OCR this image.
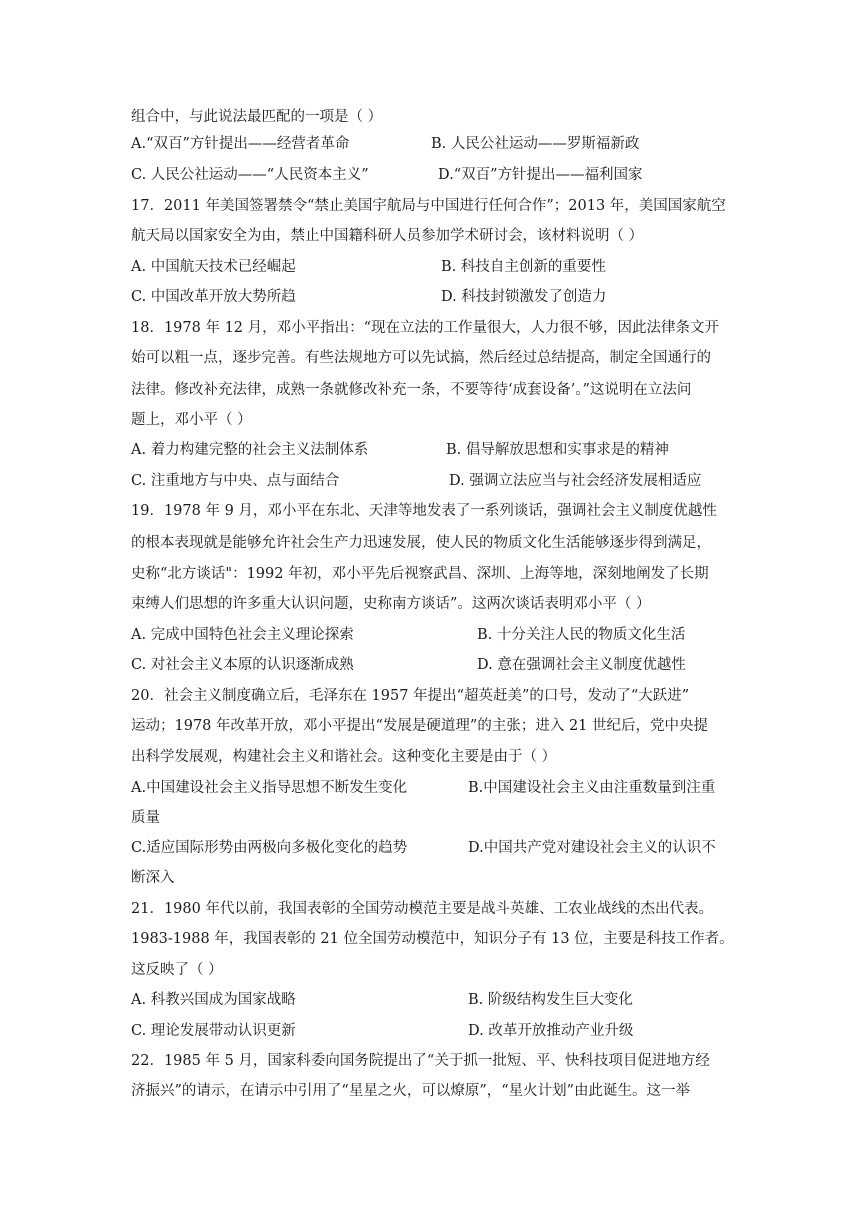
组合中，与此说法最匹配的一项是（ ）
A.“双百”方针提出——经营者革命	B. 人民公社运动——罗斯福新政
C. 人民公社运动——“人民资本主义”	D.“双百”方针提出——福利国家
17．2011 年美国签署禁令“禁止美国宇航局与中国进行任何合作”；2013 年，美国国家航空
航天局以国家安全为由，禁止中国籍科研人员参加学术研讨会，该材料说明（ ）
A. 中国航天技术已经崛起	B. 科技自主创新的重要性
C. 中国改革开放大势所趋	D. 科技封锁激发了创造力
18．1978 年 12 月，邓小平指出：“现在立法的工作量很大，人力很不够，因此法律条文开
始可以粗一点，逐步完善。有些法规地方可以先试搞，然后经过总结提高，制定全国通行的
法律。修改补充法律，成熟一条就修改补充一条，不要等待‘成套设备’。”这说明在立法问
题上，邓小平（ ）
A. 着力构建完整的社会主义法制体系	B. 倡导解放思想和实事求是的精神
C. 注重地方与中央、点与面结合	D. 强调立法应当与社会经济发展相适应
19．1978 年 9 月，邓小平在东北、天津等地发表了一系列谈话，强调社会主义制度优越性
的根本表现就是能够允许社会生产力迅速发展，使人民的物质文化生活能够逐步得到满足，
史称“北方谈话"：1992 年初，邓小平先后视察武昌、深圳、上海等地，深刻地阐发了长期
束缚人们思想的许多重大认识问题，史称南方谈话”。这两次谈话表明邓小平（ ）
A. 完成中国特色社会主义理论探索	B. 十分关注人民的物质文化生活
C. 对社会主义本原的认识逐渐成熟	D. 意在强调社会主义制度优越性
20．社会主义制度确立后，毛泽东在 1957 年提出“超英赶美”的口号，发动了“大跃进”
运动；1978 年改革开放，邓小平提出“发展是硬道理”的主张；进入 21 世纪后，党中央提
出科学发展观，构建社会主义和谐社会。这种变化主要是由于（ ）
A.中国建设社会主义指导思想不断发生变化	B.中国建设社会主义由注重数量到注重
质量
C.适应国际形势由两极向多极化变化的趋势	D.中国共产党对建设社会主义的认识不
断深入
21．1980 年代以前，我国表彰的全国劳动模范主要是战斗英雄、工农业战线的杰出代表。
1983-1988 年，我国表彰的 21 位全国劳动模范中，知识分子有 13 位，主要是科技工作者。
这反映了（ ）
A. 科教兴国成为国家战略	B. 阶级结构发生巨大变化
C. 理论发展带动认识更新	D. 改革开放推动产业升级
22．1985 年 5 月，国家科委向国务院提出了“关于抓一批短、平、快科技项目促进地方经
济振兴”的请示，在请示中引用了“星星之火，可以燎原”，“星火计划”由此诞生。这一举
